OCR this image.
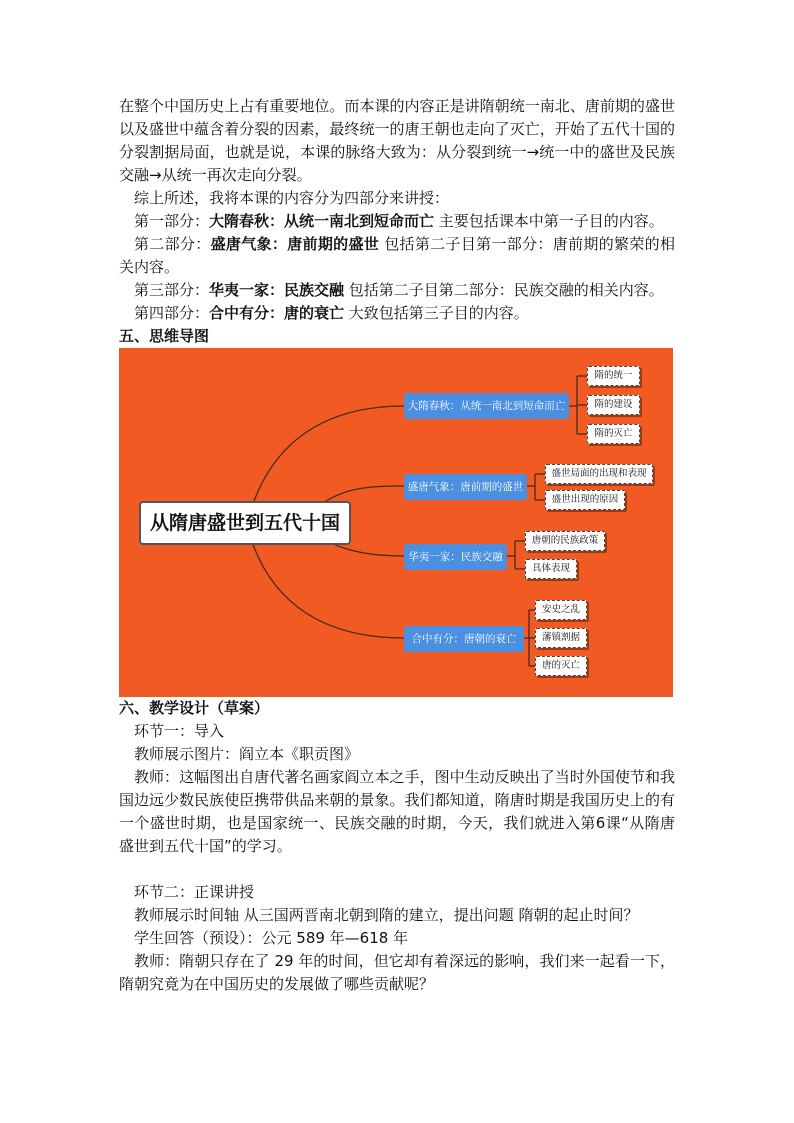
在整个中国历史上占有重要地位。而本课的内容正是讲隋朝统一南北、唐前期的盛世以及盛世中蕴含着分裂的因素，最终统一的唐王朝也走向了灭亡，开始了五代十国的分裂割据局面，也就是说，本课的脉络大致为：从分裂到统一→统一中的盛世及民族交融→从统一再次走向分裂。

综上所述，我将本课的内容分为四部分来讲授：

第一部分：大隋春秋：从统一南北到短命而亡 主要包括课本中第一子目的内容。

第二部分：盛唐气象：唐前期的盛世 包括第二子目第一部分：唐前期的繁荣的相关内容。

第三部分：华夷一家：民族交融 包括第二子目第二部分：民族交融的相关内容。

第四部分：合中有分：唐的衰亡 大致包括第三子目的内容。

五、思维导图

从隋唐盛世到五代十国
大隋春秋：从统一南北到短命而亡
盛唐气象：唐前期的盛世
华夷一家：民族交融
合中有分：唐朝的衰亡
隋的统一
隋的建设
隋的灭亡
盛世局面的出现和表现
盛世出现的原因
唐朝的民族政策
具体表现
安史之乱
藩镇割据
唐的灭亡

六、教学设计（草案）

环节一：导入

教师展示图片：阎立本《职贡图》

教师：这幅图出自唐代著名画家阎立本之手，图中生动反映出了当时外国使节和我国边远少数民族使臣携带供品来朝的景象。我们都知道，隋唐时期是我国历史上的有一个盛世时期，也是国家统一、民族交融的时期，今天，我们就进入第6课“从隋唐盛世到五代十国”的学习。

环节二：正课讲授

教师展示时间轴 从三国两晋南北朝到隋的建立，提出问题 隋朝的起止时间？

学生回答（预设）：公元 589 年—618 年

教师：隋朝只存在了 29 年的时间，但它却有着深远的影响，我们来一起看一下，隋朝究竟为在中国历史的发展做了哪些贡献呢？
